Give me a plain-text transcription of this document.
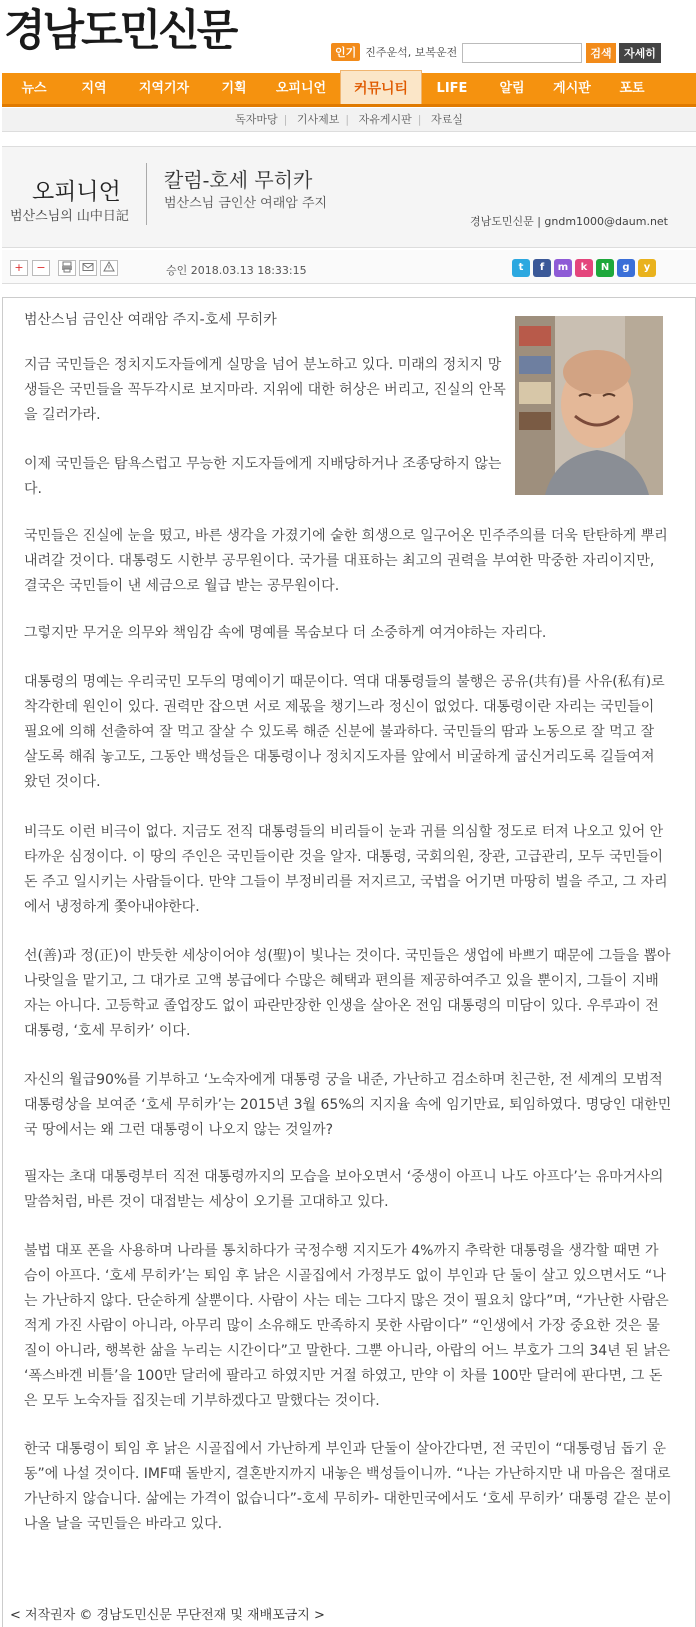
경남도민신문	인기 진주운석, 보복운전	검색	자세히
뉴스	지역	지역기자	기획	오피니언	커뮤니티	LIFE	알림	게시판	포토
독자마당 | 기사제보 | 자유게시판 | 자료실
오피니언
범산스님의 山中日記
칼럼-호세 무히카
범산스님 금인산 여래암 주지
경남도민신문 | gndm1000@daum.net
+	−	승인 2018.03.13 18:33:15	t	f	m	k	N	g	y
범산스님 금인산 여래암 주지-호세 무히카
지금 국민들은 정치지도자들에게 실망을 넘어 분노하고 있다. 미래의 정치지 망생들은 국민들을 꼭두각시로 보지마라. 지위에 대한 허상은 버리고, 진실의 안목을 길러가라.
이제 국민들은 탐욕스럽고 무능한 지도자들에게 지배당하거나 조종당하지 않는다.
국민들은 진실에 눈을 떴고, 바른 생각을 가졌기에 숱한 희생으로 일구어온 민주주의를 더욱 탄탄하게 뿌리내려갈 것이다. 대통령도 시한부 공무원이다. 국가를 대표하는 최고의 권력을 부여한 막중한 자리이지만, 결국은 국민들이 낸 세금으로 월급 받는 공무원이다.
그렇지만 무거운 의무와 책임감 속에 명예를 목숨보다 더 소중하게 여겨야하는 자리다.
대통령의 명예는 우리국민 모두의 명예이기 때문이다. 역대 대통령들의 불행은 공유(共有)를 사유(私有)로 착각한데 원인이 있다. 권력만 잡으면 서로 제몫을 챙기느라 정신이 없었다. 대통령이란 자리는 국민들이 필요에 의해 선출하여 잘 먹고 잘살 수 있도록 해준 신분에 불과하다. 국민들의 땀과 노동으로 잘 먹고 잘 살도록 해줘 놓고도, 그동안 백성들은 대통령이나 정치지도자를 앞에서 비굴하게 굽신거리도록 길들여져 왔던 것이다.
비극도 이런 비극이 없다. 지금도 전직 대통령들의 비리들이 눈과 귀를 의심할 정도로 터져 나오고 있어 안타까운 심정이다. 이 땅의 주인은 국민들이란 것을 알자. 대통령, 국회의원, 장관, 고급관리, 모두 국민들이 돈 주고 일시키는 사람들이다. 만약 그들이 부정비리를 저지르고, 국법을 어기면 마땅히 벌을 주고, 그 자리에서 냉정하게 쫓아내야한다.
선(善)과 정(正)이 반듯한 세상이어야 성(聖)이 빛나는 것이다. 국민들은 생업에 바쁘기 때문에 그들을 뽑아 나랏일을 맡기고, 그 대가로 고액 봉급에다 수많은 혜택과 편의를 제공하여주고 있을 뿐이지, 그들이 지배자는 아니다. 고등학교 졸업장도 없이 파란만장한 인생을 살아온 전임 대통령의 미담이 있다. 우루과이 전 대통령, ‘호세 무히카’ 이다.
자신의 월급90%를 기부하고 ‘노숙자에게 대통령 궁을 내준, 가난하고 검소하며 친근한, 전 세계의 모범적 대통령상을 보여준 ‘호세 무히카’는 2015년 3월 65%의 지지율 속에 임기만료, 퇴임하였다. 명당인 대한민국 땅에서는 왜 그런 대통령이 나오지 않는 것일까?
필자는 초대 대통령부터 직전 대통령까지의 모습을 보아오면서 ‘중생이 아프니 나도 아프다’는 유마거사의 말씀처럼, 바른 것이 대접받는 세상이 오기를 고대하고 있다.
불법 대포 폰을 사용하며 나라를 통치하다가 국정수행 지지도가 4%까지 추락한 대통령을 생각할 때면 가슴이 아프다. ‘호세 무히카’는 퇴임 후 낡은 시골집에서 가정부도 없이 부인과 단 둘이 살고 있으면서도 “나는 가난하지 않다. 단순하게 살뿐이다. 사람이 사는 데는 그다지 많은 것이 필요치 않다”며, “가난한 사람은 적게 가진 사람이 아니라, 아무리 많이 소유해도 만족하지 못한 사람이다” “인생에서 가장 중요한 것은 물질이 아니라, 행복한 삶을 누리는 시간이다”고 말한다. 그뿐 아니라, 아랍의 어느 부호가 그의 34년 된 낡은 ‘폭스바겐 비틀’을 100만 달러에 팔라고 하였지만 거절 하였고, 만약 이 차를 100만 달러에 판다면, 그 돈은 모두 노숙자들 집짓는데 기부하겠다고 말했다는 것이다.
한국 대통령이 퇴임 후 낡은 시골집에서 가난하게 부인과 단둘이 살아간다면, 전 국민이 “대통령님 돕기 운동”에 나설 것이다. IMF때 돌반지, 결혼반지까지 내놓은 백성들이니까. “나는 가난하지만 내 마음은 절대로 가난하지 않습니다. 삶에는 가격이 없습니다”-호세 무히카- 대한민국에서도 ‘호세 무히카’ 대통령 같은 분이 나올 날을 국민들은 바라고 있다.
< 저작권자 © 경남도민신문 무단전재 및 재배포금지 >
